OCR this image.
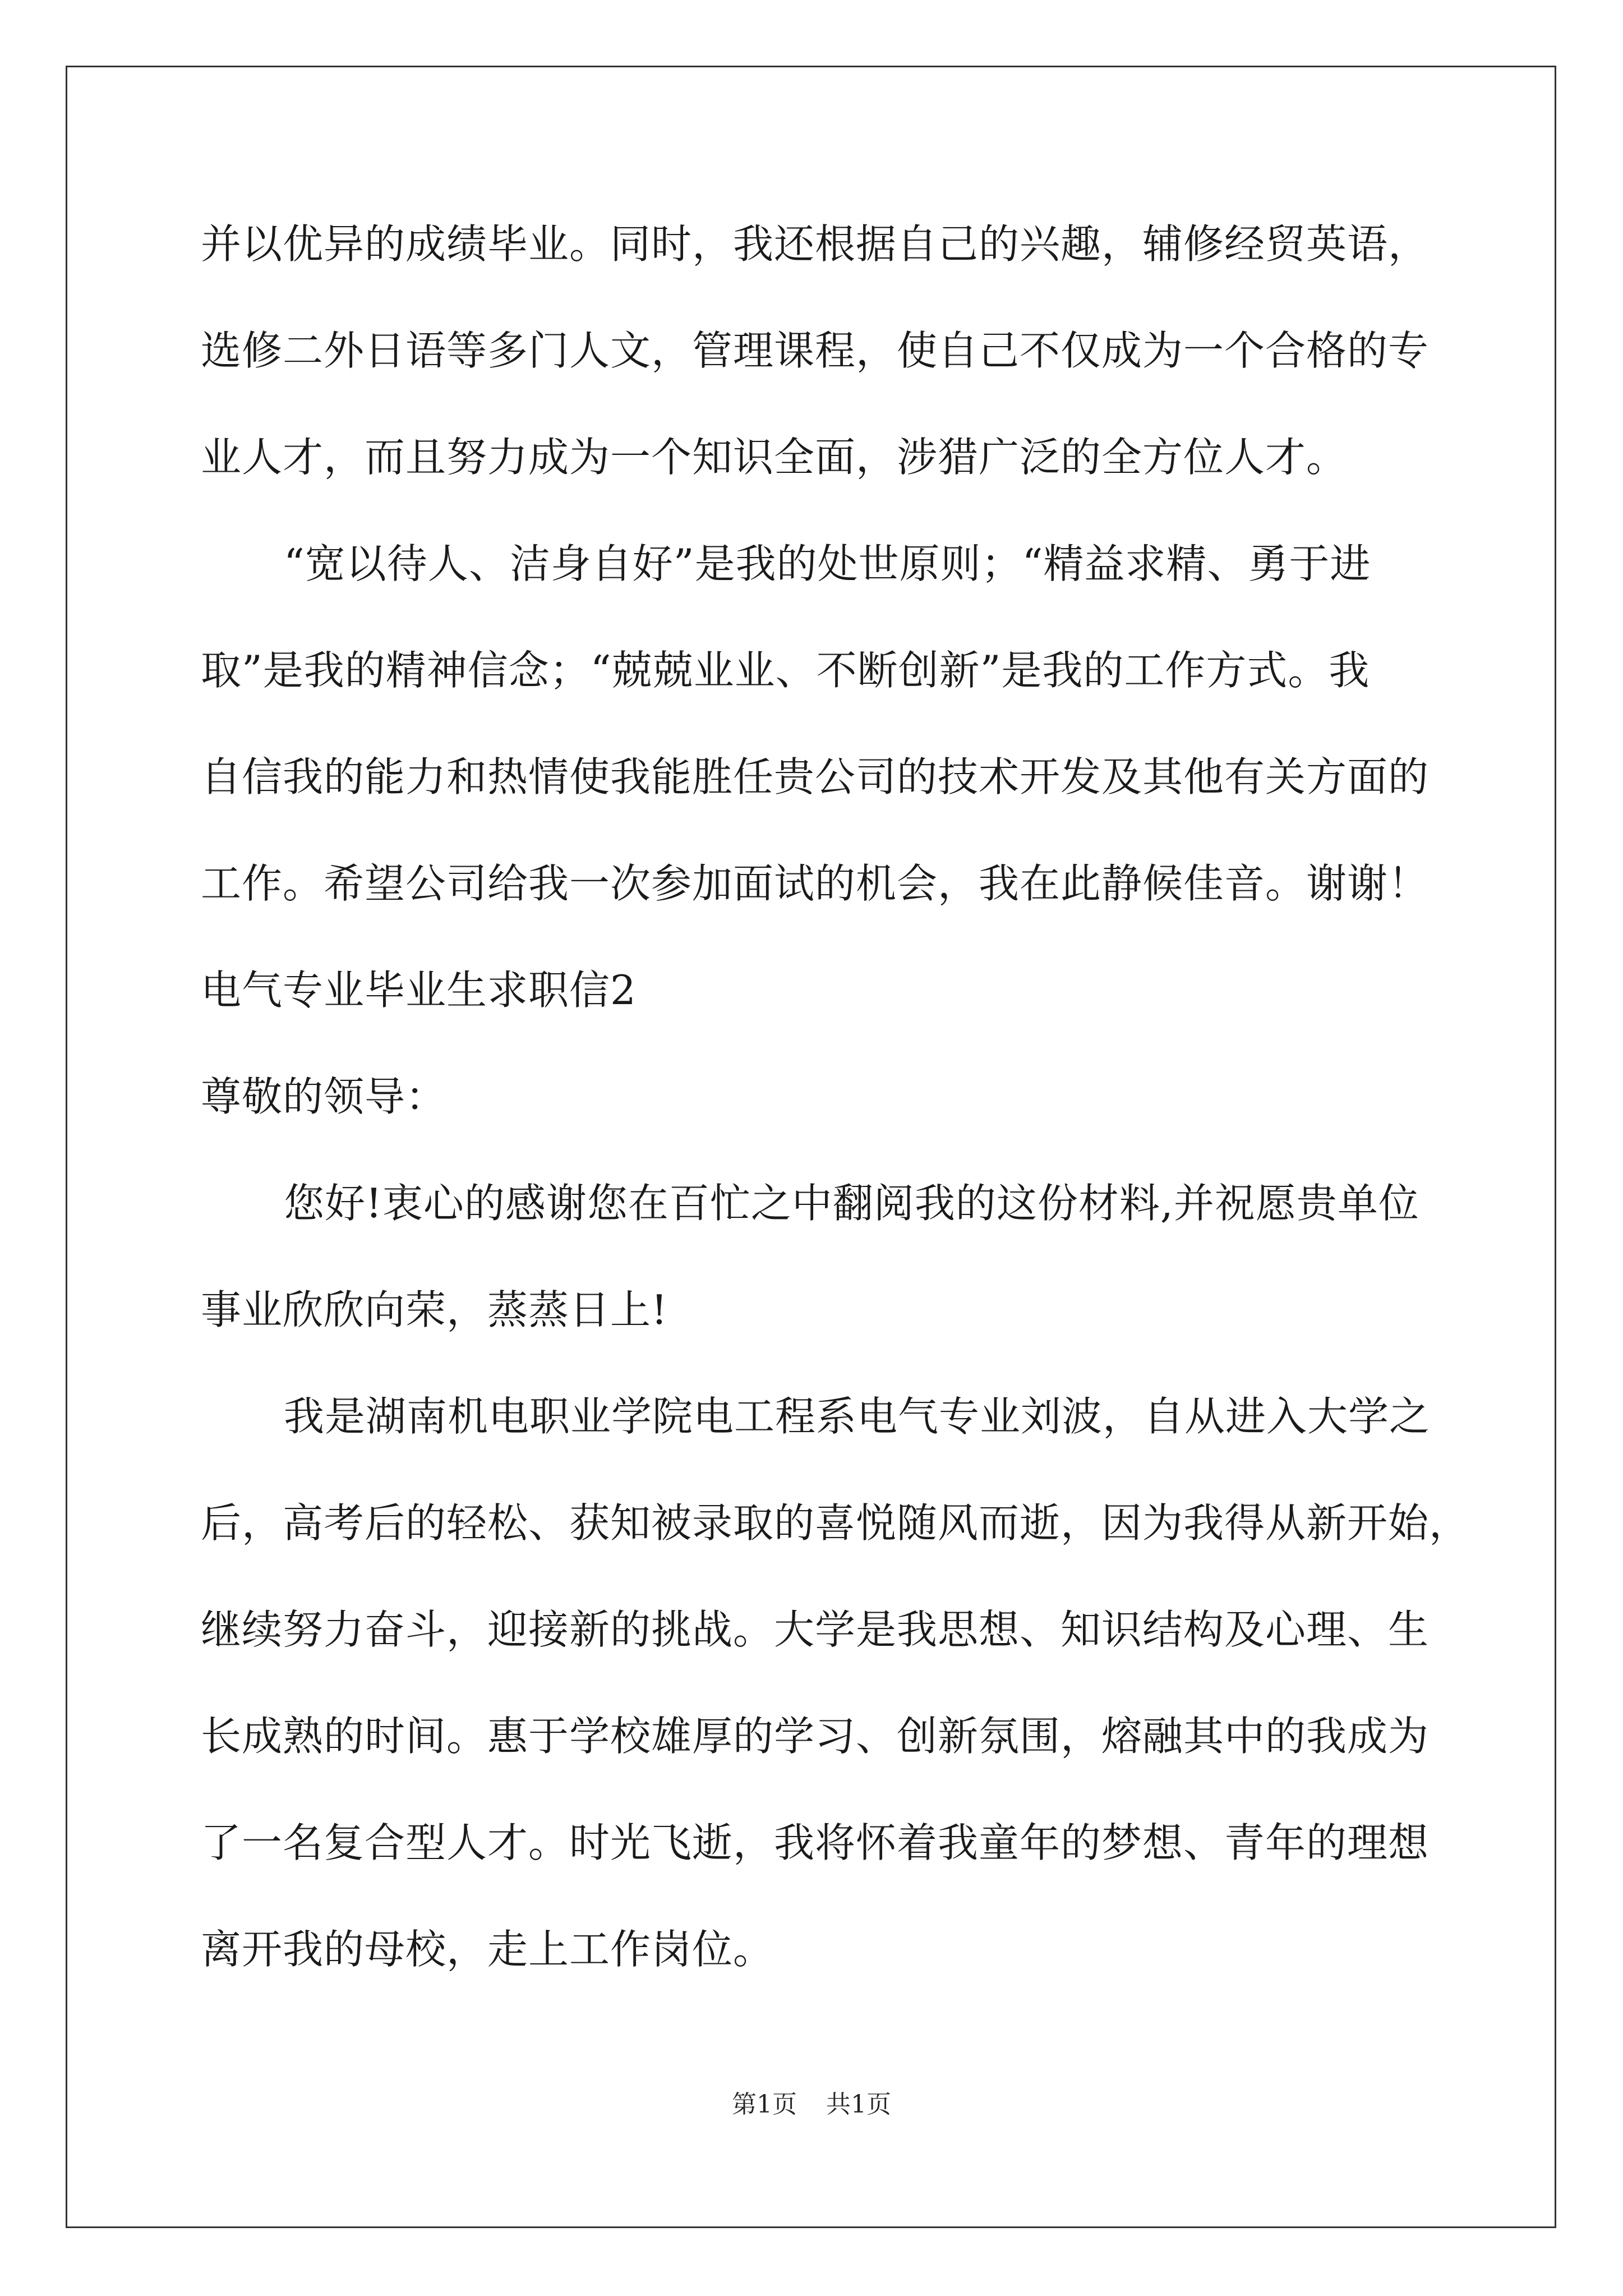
并以优异的成绩毕业。同时，我还根据自己的兴趣，辅修经贸英语，
选修二外日语等多门人文，管理课程，使自己不仅成为一个合格的专
业人才，而且努力成为一个知识全面，涉猎广泛的全方位人才。
“宽以待人、洁身自好”是我的处世原则；“精益求精、勇于进
取”是我的精神信念；“兢兢业业、不断创新”是我的工作方式。我
自信我的能力和热情使我能胜任贵公司的技术开发及其他有关方面的
工作。希望公司给我一次参加面试的机会，我在此静候佳音。谢谢！
电气专业毕业生求职信2
尊敬的领导：
您好!衷心的感谢您在百忙之中翻阅我的这份材料,并祝愿贵单位
事业欣欣向荣，蒸蒸日上!
我是湖南机电职业学院电工程系电气专业刘波，自从进入大学之
后，高考后的轻松、获知被录取的喜悦随风而逝，因为我得从新开始，
继续努力奋斗，迎接新的挑战。大学是我思想、知识结构及心理、生
长成熟的时间。惠于学校雄厚的学习、创新氛围，熔融其中的我成为
了一名复合型人才。时光飞逝，我将怀着我童年的梦想、青年的理想
离开我的母校，走上工作岗位。
第1页 共1页
